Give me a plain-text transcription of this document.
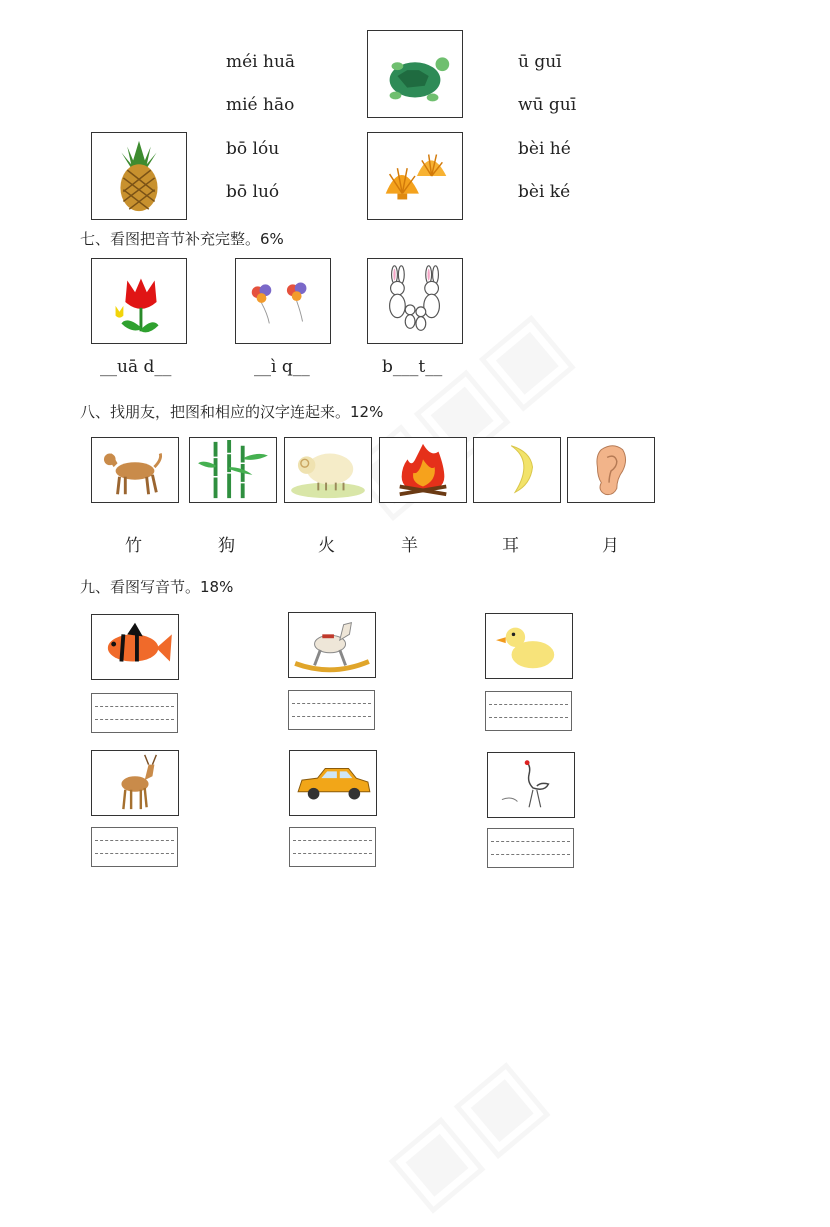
méi huā
mié hāo
ū guī
wū guī
bō lóu
bō luó
bèi hé
bèi ké
七、看图把音节补充完整。6%
__uā d__	__ì q__	b___t__
八、找朋友，把图和相应的汉字连起来。12%
竹	狗	火	羊	耳	月
九、看图写音节。18%
